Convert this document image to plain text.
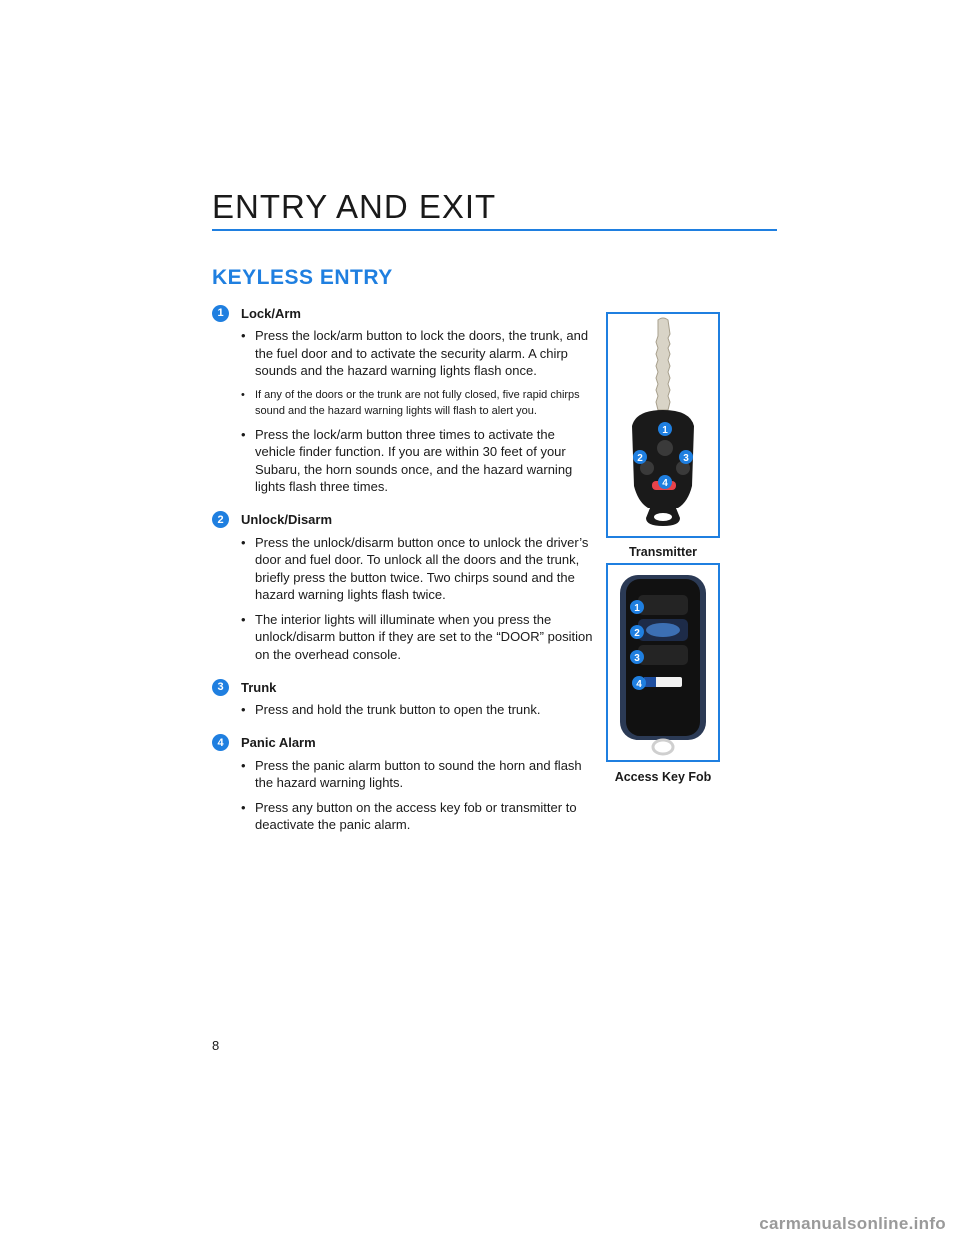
ENTRY AND EXIT
KEYLESS ENTRY
1	Lock/Arm
• Press the lock/arm button to lock the doors, the trunk, and the fuel door and to activate the security alarm. A chirp sounds and the hazard warning lights flash once.
• If any of the doors or the trunk are not fully closed, five rapid chirps sound and the hazard warning lights will flash to alert you.
• Press the lock/arm button three times to activate the vehicle finder function. If you are within 30 feet of your Subaru, the horn sounds once, and the hazard warning lights flash three times.
2	Unlock/Disarm
• Press the unlock/disarm button once to unlock the driver’s door and fuel door. To unlock all the doors and the trunk, briefly press the button twice. Two chirps sound and the hazard warning lights flash twice.
• The interior lights will illuminate when you press the unlock/disarm button if they are set to the “DOOR” position on the overhead console.
3	Trunk
• Press and hold the trunk button to open the trunk.
4	Panic Alarm
• Press the panic alarm button to sound the horn and flash the hazard warning lights.
• Press any button on the access key fob or transmitter to deactivate the panic alarm.
1
2	3
4
Transmitter
1
2
3
4
Access Key Fob
8
carmanualsonline.info
